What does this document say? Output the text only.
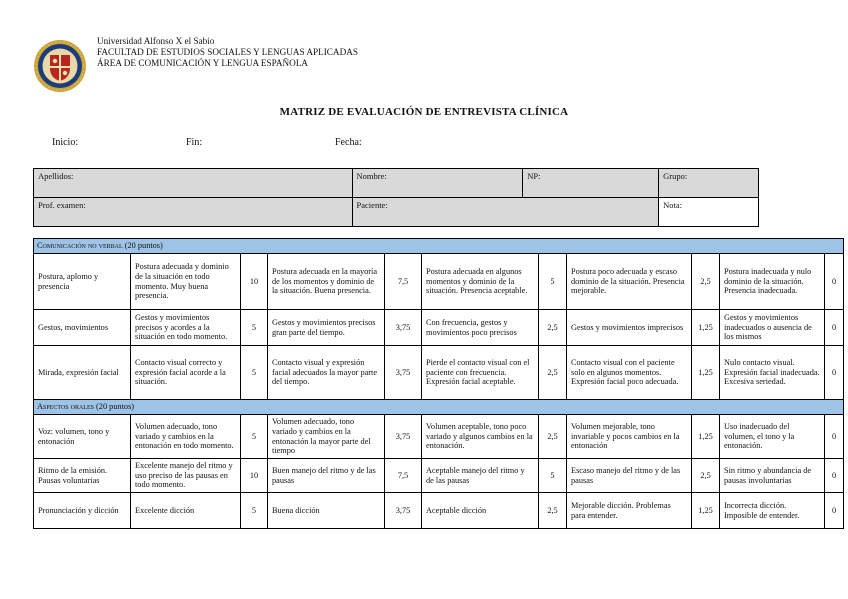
Universidad Alfonso X el Sabio
FACULTAD DE ESTUDIOS SOCIALES Y LENGUAS APLICADAS
ÁREA DE COMUNICACIÓN Y LENGUA ESPAÑOLA
MATRIZ DE EVALUACIÓN DE ENTREVISTA CLÍNICA
Inicio:	Fin:	Fecha:
Apellidos:	Nombre:	NP:	Grupo:
Prof. examen:	Paciente:		Nota:
Comunicación no verbal (20 puntos)										
Postura, aplomo y presencia	Postura adecuada y dominio de la situación en todo momento. Muy buena presencia.	10	Postura adecuada en la mayoría de los momentos y dominio de la situación. Buena presencia.	7,5	Postura adecuada en algunos momentos y dominio de la situación. Presencia aceptable.	5	Postura poco adecuada y escaso dominio de la situación. Presencia mejorable.	2,5	Postura inadecuada y nulo dominio de la situación. Presencia inadecuada.	0
Gestos, movimientos	Gestos y movimientos precisos y acordes a la situación en todo momento.	5	Gestos y movimientos precisos gran parte del tiempo.	3,75	Con frecuencia, gestos y movimientos poco precisos	2,5	Gestos y movimientos imprecisos	1,25	Gestos y movimientos inadecuados o ausencia de los mismos	0
Mirada, expresión facial	Contacto visual correcto y expresión facial acorde a la situación.	5	Contacto visual y expresión facial adecuados la mayor parte del tiempo.	3,75	Pierde el contacto visual con el paciente con frecuencia. Expresión facial aceptable.	2,5	Contacto visual con el paciente solo en algunos momentos. Expresión facial poco adecuada.	1,25	Nulo contacto visual. Expresión facial inadecuada. Excesiva seriedad.	0
Aspectos orales (20 puntos)										
Voz: volumen, tono y entonación	Volumen adecuado, tono variado y cambios en la entonación en todo momento.	5	Volumen adecuado, tono variado y cambios en la entonación la mayor parte del tiempo	3,75	Volumen aceptable, tono poco variado y algunos cambios en la entonación.	2,5	Volumen mejorable, tono invariable y pocos cambios en la entonación	1,25	Uso inadecuado del volumen, el tono y la entonación.	0
Ritmo de la emisión. Pausas voluntarias	Excelente manejo del ritmo y uso preciso de las pausas en todo momento.	10	Buen manejo del ritmo y de las pausas	7,5	Aceptable manejo del ritmo y de las pausas	5	Escaso manejo del ritmo y de las pausas	2,5	Sin ritmo y abundancia de pausas involuntarias	0
Pronunciación y dicción	Excelente dicción	5	Buena dicción	3,75	Aceptable dicción	2,5	Mejorable dicción. Problemas para entender.	1,25	Incorrecta dicción. Imposible de entender.	0
